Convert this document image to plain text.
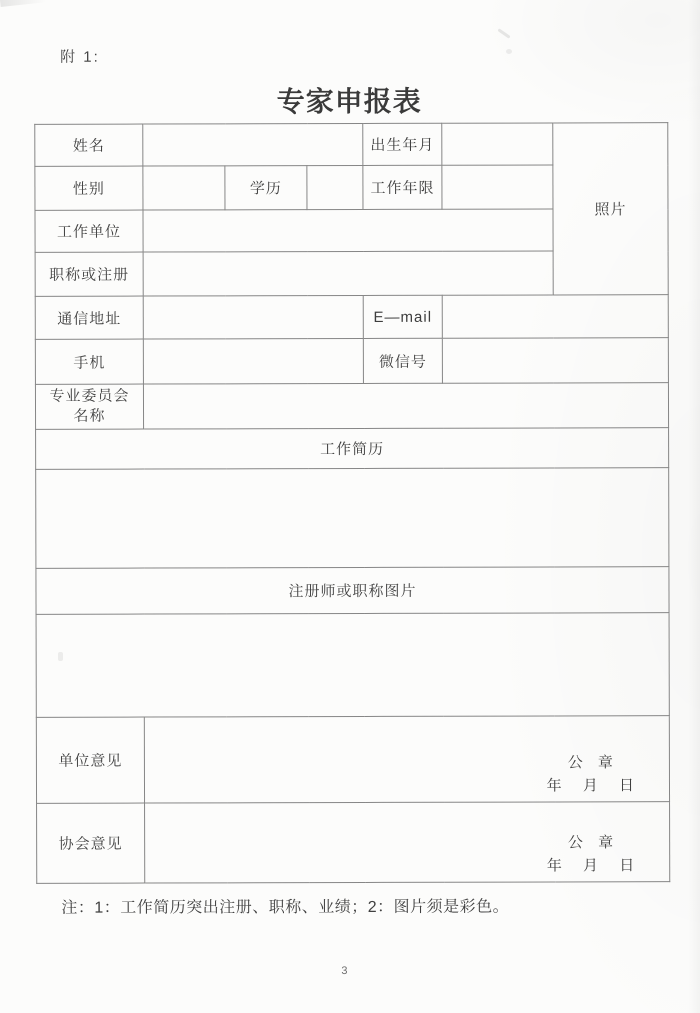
附 1:
专家申报表
姓名				出生年月		照片
性别		学历		工作年限		
工作单位						
职称或注册						
通信地址				E—mail		
手机				微信号		
专业委员会
名称						
工作简历						

注册师或职称图片						

单位意见	公 章
年 月 日					

协会意见	公 章
年 月 日					
注：1：工作简历突出注册、职称、业绩；2：图片须是彩色。
3
